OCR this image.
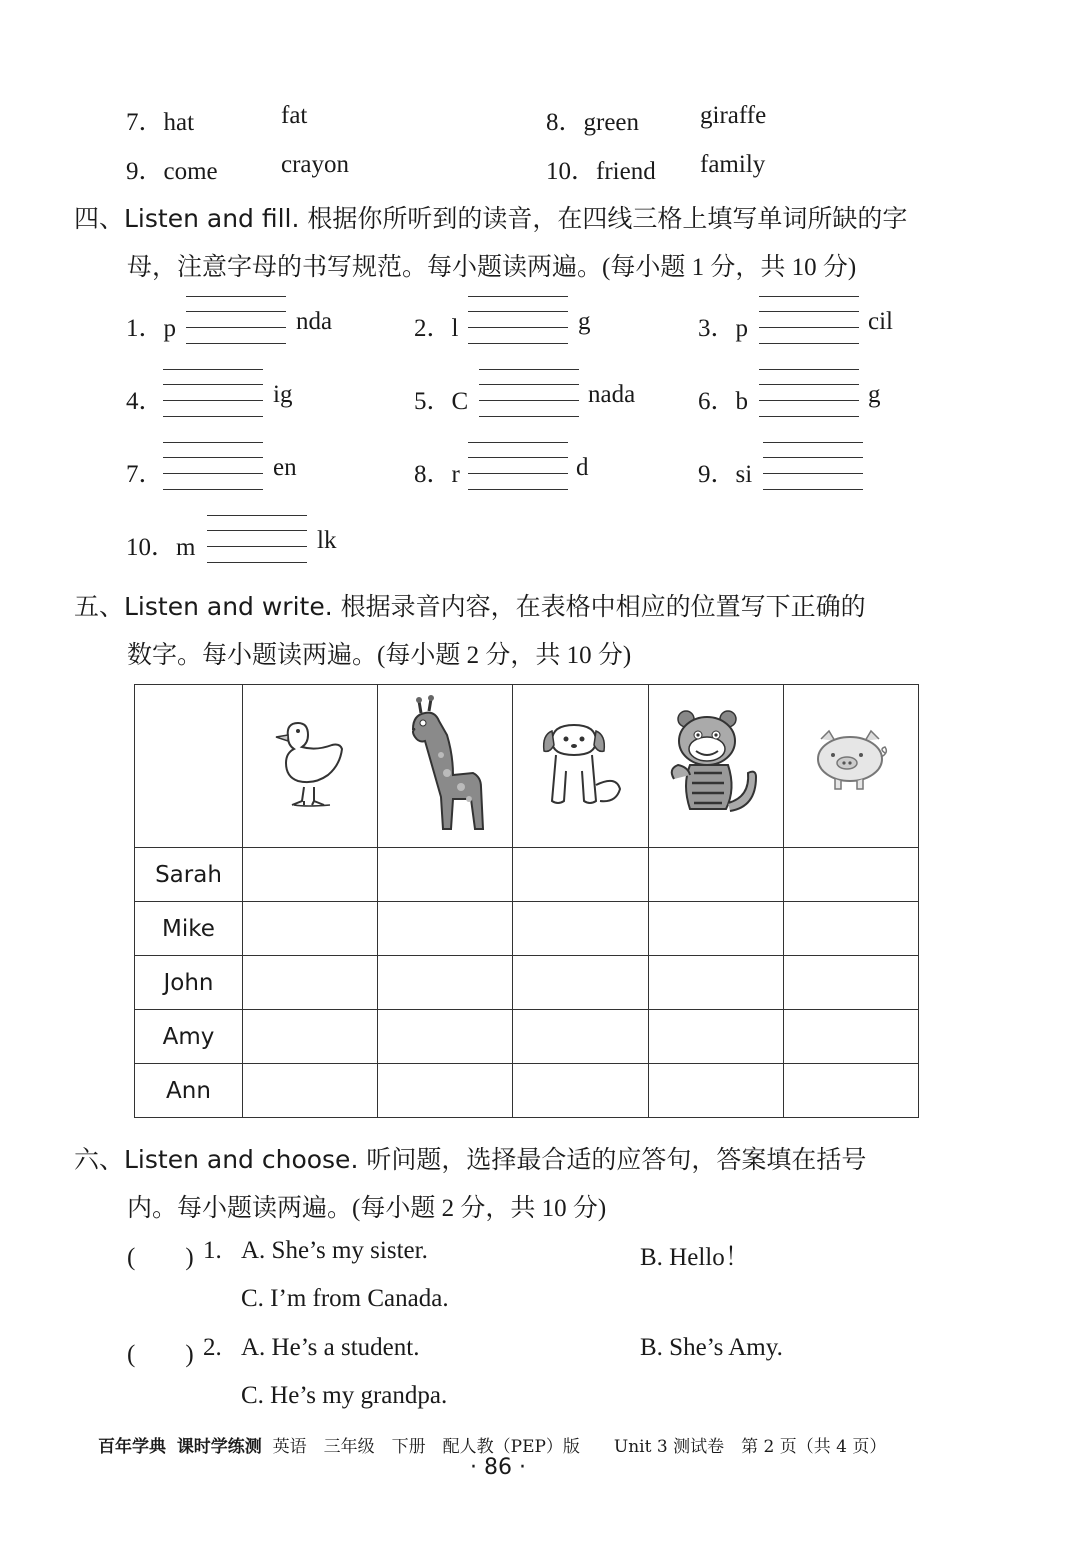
7．hat	fat	8．green giraffe
9．come	crayon	10．friend family
四、Listen and fill. 根据你所听到的读音，在四线三格上填写单词所缺的字
母，注意字母的书写规范。每小题读两遍。(每小题 1 分，共 10 分)
1．p	nda	2．l	g	3．p	cil
4．	ig	5．C	nada	6．b	g
7．	en	8．r	d	9．si
10．m	lk
五、Listen and write. 根据录音内容，在表格中相应的位置写下正确的
数字。每小题读两遍。(每小题 2 分，共 10 分)

Sarah					
Mike					
John					
Amy					
Ann					
六、Listen and choose. 听问题，选择最合适的应答句，答案填在括号
内。每小题读两遍。(每小题 2 分，共 10 分)
(　　) 1. A. She’s my sister.	B. Hello！
C. I’m from Canada.
(　　) 2. A. He’s a student.	B. She’s Amy.
C. He’s my grandpa.
百年学典 课时学练测 英语　三年级　下册　配人教（PEP）版　　Unit 3 测试卷　第 2 页（共 4 页）
· 86 ·
